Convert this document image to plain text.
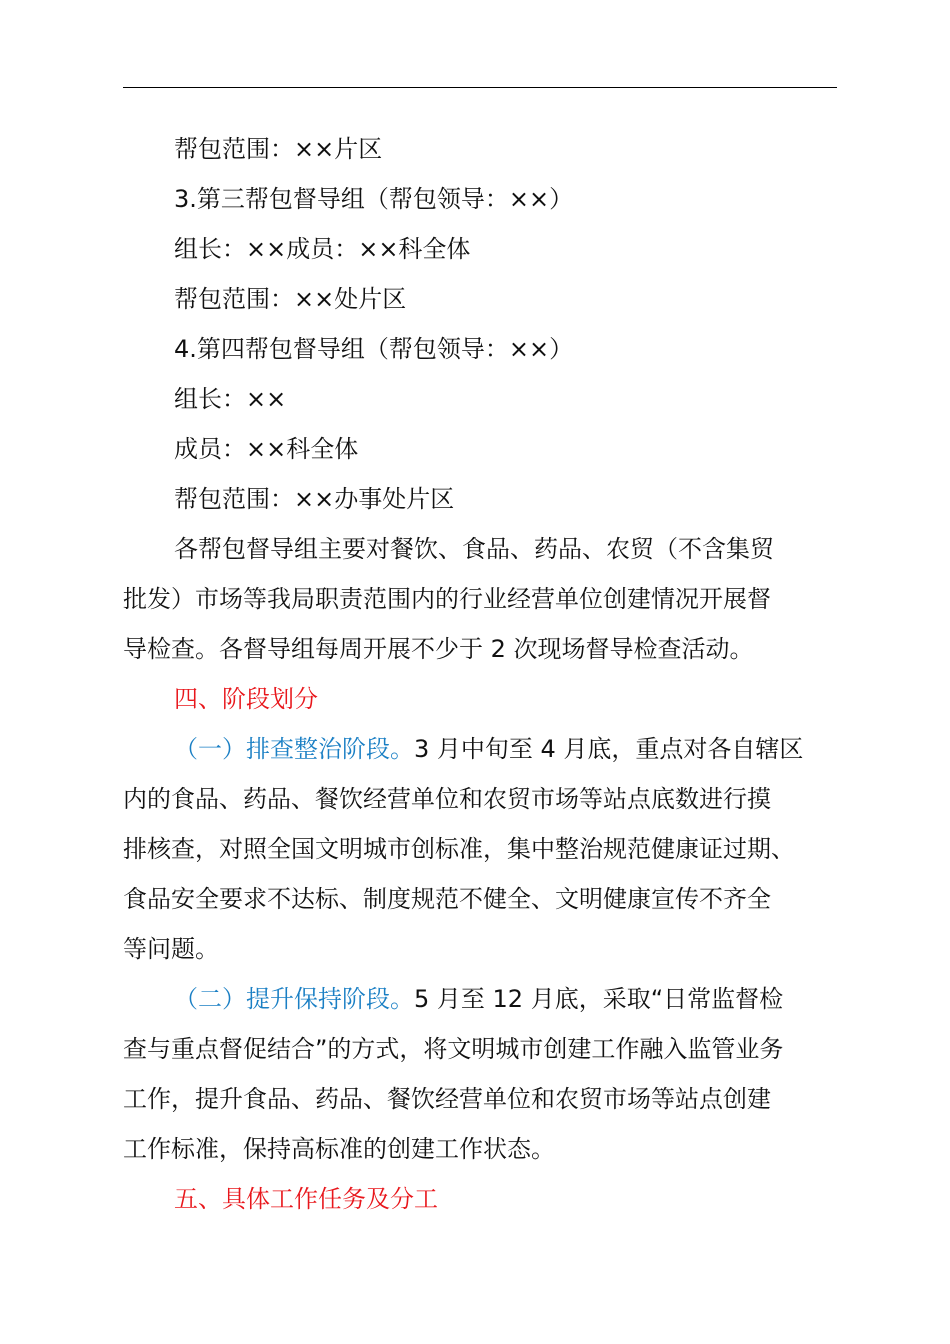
帮包范围：××片区
3.第三帮包督导组（帮包领导：××）
组长：××成员：××科全体
帮包范围：××处片区
4.第四帮包督导组（帮包领导：××）
组长：××
成员：××科全体
帮包范围：××办事处片区
各帮包督导组主要对餐饮、食品、药品、农贸（不含集贸
批发）市场等我局职责范围内的行业经营单位创建情况开展督
导检查。各督导组每周开展不少于 2 次现场督导检查活动。
四、阶段划分
（一）排查整治阶段。3 月中旬至 4 月底，重点对各自辖区
内的食品、药品、餐饮经营单位和农贸市场等站点底数进行摸
排核查，对照全国文明城市创标准，集中整治规范健康证过期、
食品安全要求不达标、制度规范不健全、文明健康宣传不齐全
等问题。
（二）提升保持阶段。5 月至 12 月底，采取“日常监督检
查与重点督促结合”的方式，将文明城市创建工作融入监管业务
工作，提升食品、药品、餐饮经营单位和农贸市场等站点创建
工作标准，保持高标准的创建工作状态。
五、具体工作任务及分工
